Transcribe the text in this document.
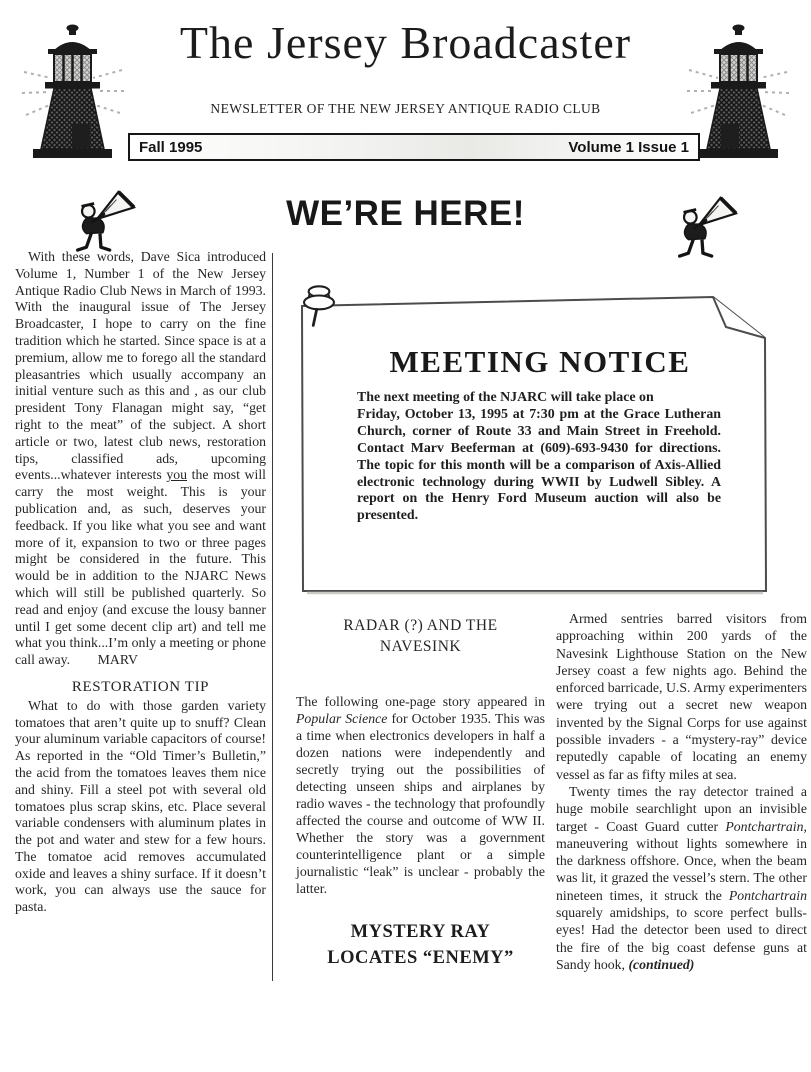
The Jersey Broadcaster
NEWSLETTER OF THE NEW JERSEY ANTIQUE RADIO CLUB
Fall 1995	Volume 1 Issue 1
WE’RE HERE!

With these words, Dave Sica introduced Volume 1, Number 1 of the New Jersey Antique Radio Club News in March of 1993. With the inaugural issue of The Jersey Broadcaster, I hope to carry on the fine tradition which he started. Since space is at a premium, allow me to forego all the standard pleasantries which usually accompany an initial venture such as this and , as our club president Tony Flanagan might say, “get right to the meat” of the subject. A short article or two, latest club news, restoration tips, classified ads, upcoming events...whatever interests you the most will carry the most weight. This is your publication and, as such, deserves your feedback. If you like what you see and want more of it, expansion to two or three pages might be considered in the future. This would be in addition to the NJARC News which will still be published quarterly. So read and enjoy (and excuse the lousy banner until I get some decent clip art) and tell me what you think...I’m only a meeting or phone call away.        MARV

RESTORATION TIP

What to do with those garden variety tomatoes that aren’t quite up to snuff? Clean your aluminum variable capacitors of course! As reported in the “Old Timer’s Bulletin,” the acid from the tomatoes leaves them nice and shiny. Fill a steel pot with several old tomatoes plus scrap skins, etc. Place several variable condensers with aluminum plates in the pot and water and stew for a few hours. The tomatoe acid removes accumulated oxide and leaves a shiny surface. If it doesn’t work, you can always use the sauce for pasta.

MEETING NOTICE
The next meeting of the NJARC will take place on
Friday, October 13, 1995 at 7:30 pm at the Grace Lutheran Church, corner of Route 33 and Main Street in Freehold. Contact Marv Beeferman at (609)-693-9430 for directions. The topic for this month will be a comparison of Axis-Allied electronic technology during WWII by Ludwell Sibley. A report on the Henry Ford Museum auction will also be presented.
RADAR (?) AND THE
NAVESINK

The following one-page story appeared in Popular Science for October 1935. This was a time when electronics developers in half a dozen nations were independently and secretly trying out the possibilities of detecting unseen ships and airplanes by radio waves - the technology that profoundly affected the course and outcome of WW II. Whether the story was a government counterintelligence plant or a simple journalistic “leak” is unclear - probably the latter.

MYSTERY RAY
LOCATES “ENEMY”

Armed sentries barred visitors from approaching within 200 yards of the Navesink Lighthouse Station on the New Jersey coast a few nights ago. Behind the enforced barricade, U.S. Army experimenters were trying out a secret new weapon invented by the Signal Corps for use against possible invaders - a “mystery-ray” device reputedly capable of locating an enemy vessel as far as fifty miles at sea.

Twenty times the ray detector trained a huge mobile searchlight upon an invisible target - Coast Guard cutter Pontchartrain, maneuvering without lights somewhere in the darkness offshore. Once, when the beam was lit, it grazed the vessel’s stern. The other nineteen times, it struck the Pontchartrain squarely amidships, to score perfect bulls-eyes! Had the detector been used to direct the fire of the big coast defense guns at Sandy hook, (continued)
